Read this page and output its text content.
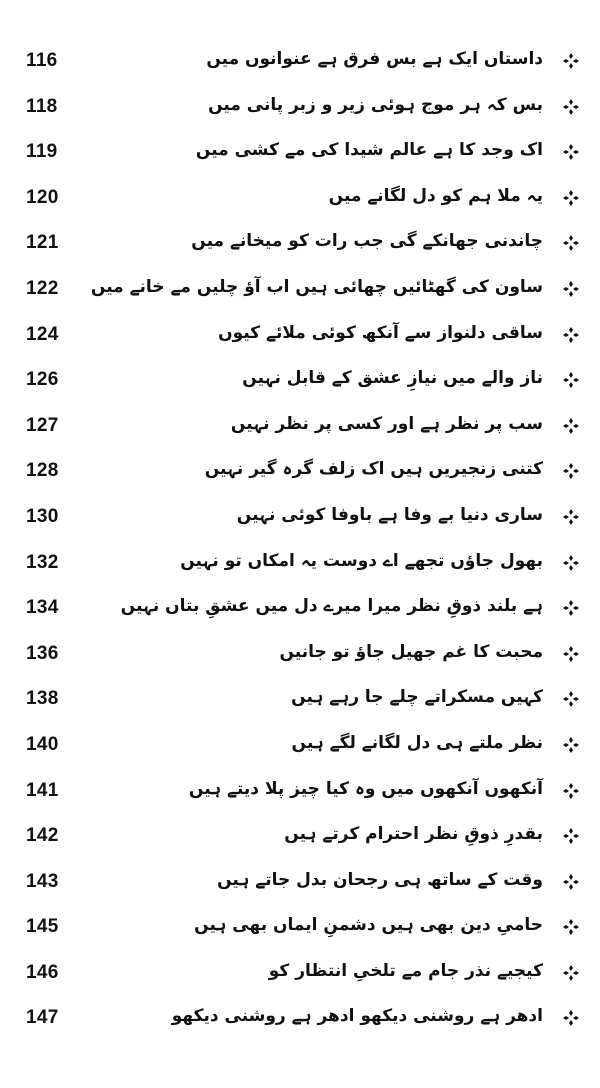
116	داستاں ایک ہے بس فرق ہے عنوانوں میں
118	بس کہ ہر موج ہوئی زیر و زبر پانی میں
119	اک وجد کا ہے عالم شیدا کی مے کشی میں
120	یہ ملا ہم کو دل لگانے میں
121	چاندنی جھانکے گی جب رات کو میخانے میں
122 ساون کی گھٹائیں چھائی ہیں اب آؤ چلیں مے خانے میں
124	ساقی دلنواز سے آنکھ کوئی ملائے کیوں
126	ناز والے میں نیازِ عشق کے قابل نہیں
127	سب پر نظر ہے اور کسی پر نظر نہیں
128	کتنی زنجیریں ہیں اک زلف گرہ گیر نہیں
130	ساری دنیا بے وفا ہے باوفا کوئی نہیں
132	بھول جاؤں تجھے اے دوست یہ امکاں تو نہیں
134	ہے بلند ذوقِ نظر میرا میرے دل میں عشقِ بتاں نہیں
136	محبت کا غم جھیل جاؤ تو جانیں
138	کہیں مسکراتے چلے جا رہے ہیں
140	نظر ملتے ہی دل لگانے لگے ہیں
141	آنکھوں آنکھوں میں وہ کیا چیز پلا دیتے ہیں
142	بقدرِ ذوقِ نظر احترام کرتے ہیں
143	وقت کے ساتھ ہی رجحان بدل جاتے ہیں
145	حامیِ دین بھی ہیں دشمنِ ایماں بھی ہیں
146	کیجیے نذر جام مے تلخیِ انتظار کو
147	ادھر ہے روشنی دیکھو ادھر ہے روشنی دیکھو
